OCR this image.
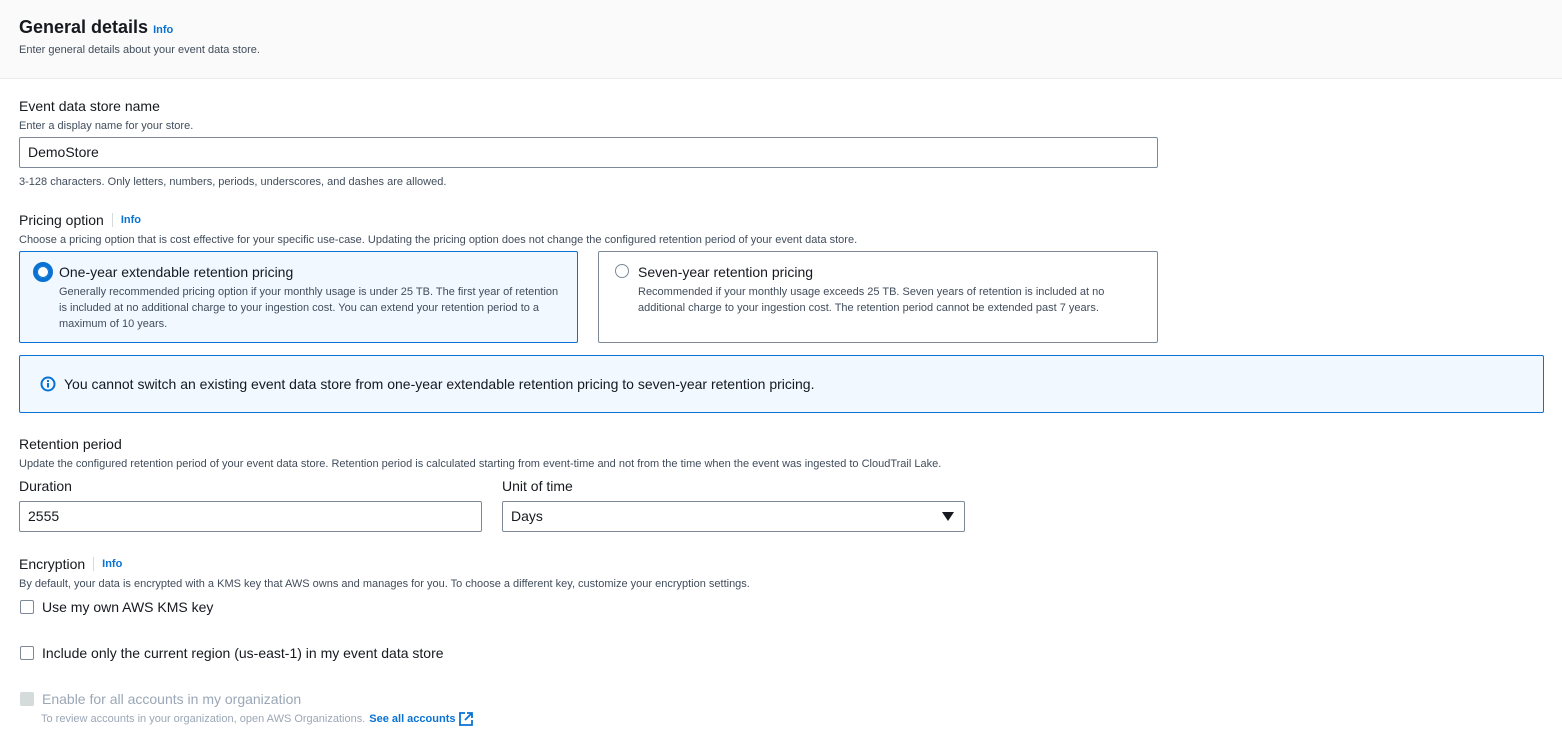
General details Info
Enter general details about your event data store.
Event data store name
Enter a display name for your store.
DemoStore
3-128 characters. Only letters, numbers, periods, underscores, and dashes are allowed.
Pricing option Info
Choose a pricing option that is cost effective for your specific use-case. Updating the pricing option does not change the configured retention period of your event data store.
One-year extendable retention pricing
Generally recommended pricing option if your monthly usage is under 25 TB. The first year of retention is included at no additional charge to your ingestion cost. You can extend your retention period to a maximum of 10 years.
Seven-year retention pricing
Recommended if your monthly usage exceeds 25 TB. Seven years of retention is included at no additional charge to your ingestion cost. The retention period cannot be extended past 7 years.
You cannot switch an existing event data store from one-year extendable retention pricing to seven-year retention pricing.
Retention period
Update the configured retention period of your event data store. Retention period is calculated starting from event-time and not from the time when the event was ingested to CloudTrail Lake.
Duration	Unit of time
2555	Days
Encryption Info
By default, your data is encrypted with a KMS key that AWS owns and manages for you. To choose a different key, customize your encryption settings.
Use my own AWS KMS key
Include only the current region (us-east-1) in my event data store
Enable for all accounts in my organization
To review accounts in your organization, open AWS Organizations. See all accounts
